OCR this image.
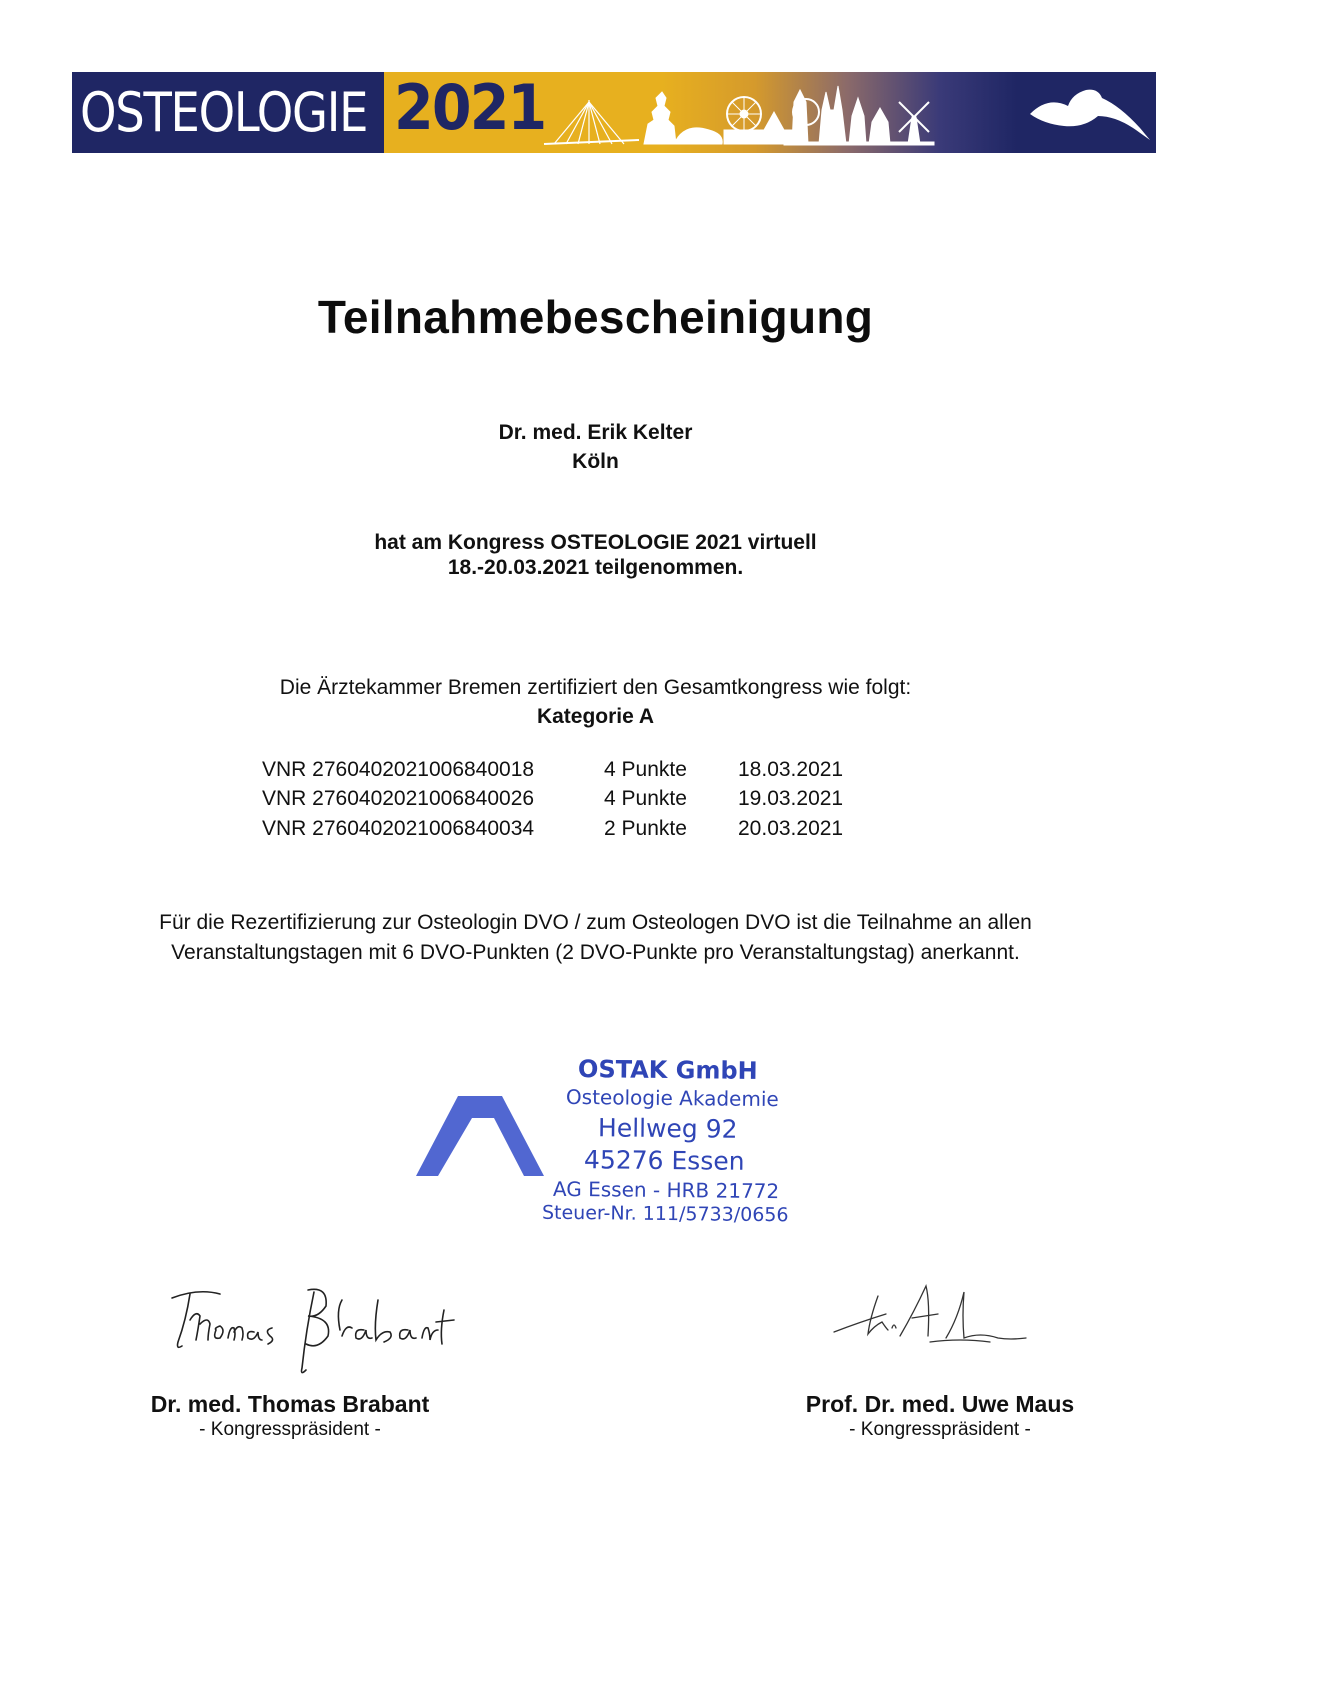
OSTEOLOGIE 2021	VIRTUELL
Teilnahmebescheinigung
Dr. med. Erik Kelter
Köln
hat am Kongress OSTEOLOGIE 2021 virtuell
18.-20.03.2021 teilgenommen.
Die Ärztekammer Bremen zertifiziert den Gesamtkongress wie folgt:
Kategorie A
VNR 2760402021006840018	4 Punkte	18.03.2021
VNR 2760402021006840026	4 Punkte	19.03.2021
VNR 2760402021006840034	2 Punkte	20.03.2021
Für die Rezertifizierung zur Osteologin DVO / zum Osteologen DVO ist die Teilnahme an allen
Veranstaltungstagen mit 6 DVO-Punkten (2 DVO-Punkte pro Veranstaltungstag) anerkannt.
OSTAK GmbH
Osteologie Akademie
Hellweg 92
45276 Essen
AG Essen - HRB 21772
Steuer-Nr. 111/5733/0656
Dr. med. Thomas Brabant
- Kongresspräsident -
Prof. Dr. med. Uwe Maus
- Kongresspräsident -
